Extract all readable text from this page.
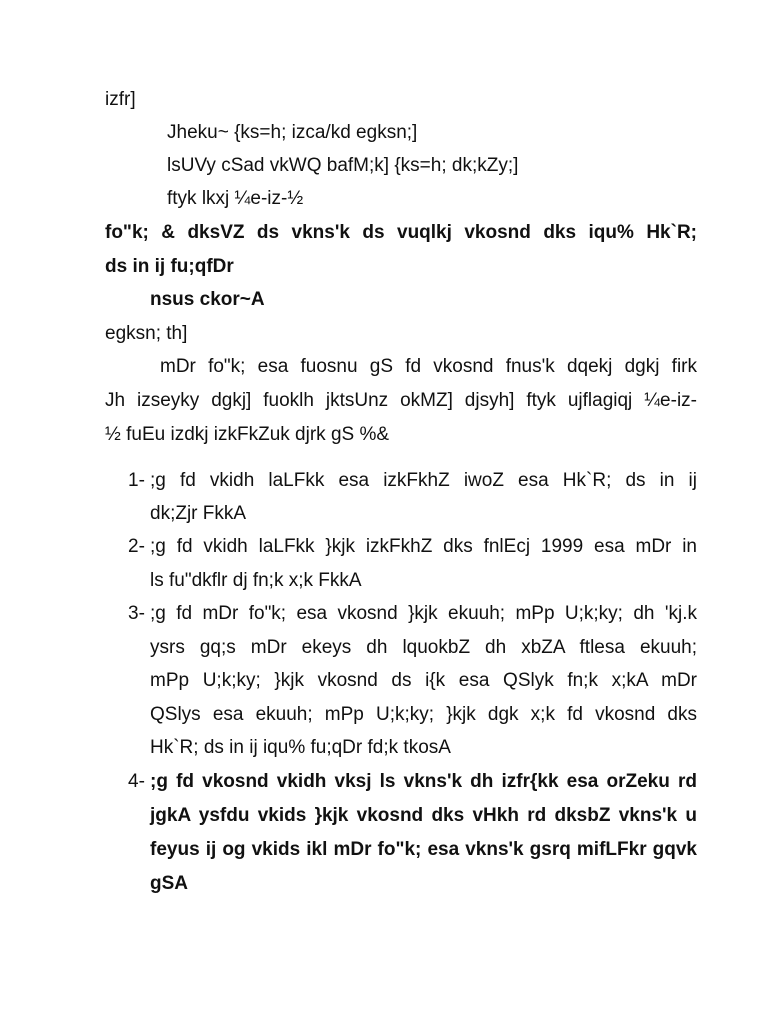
izfr]
Jheku~ {ks=h; izca/kd egksn;]
lsUVy cSad vkWQ bafM;k] {ks=h; dk;kZy;]
ftyk lkxj ¼e-iz-½
fo"k; & dksVZ ds vkns'k ds vuqlkj vkosnd dks iqu% Hk`R;
ds in ij fu;qfDr
nsus ckor~A
egksn; th]
mDr fo"k; esa fuosnu gS fd vkosnd fnus'k dqekj dgkj firk
Jh izseyky dgkj] fuoklh jktsUnz okMZ] djsyh] ftyk ujflagiqj ¼e-iz-
½ fuEu izdkj izkFkZuk djrk gS %&
1- ;g fd vkidh laLFkk esa izkFkhZ iwoZ esa Hk`R; ds in ij
dk;Zjr FkkA
2- ;g fd vkidh laLFkk }kjk izkFkhZ dks fnlEcj 1999 esa mDr in
ls fu"dkflr dj fn;k x;k FkkA
3- ;g fd mDr fo"k; esa vkosnd }kjk ekuuh; mPp U;k;ky; dh 'kj.k
ysrs gq;s mDr ekeys dh lquokbZ dh xbZA ftlesa ekuuh;
mPp U;k;ky; }kjk vkosnd ds i{k esa QSlyk fn;k x;kA mDr
QSlys esa ekuuh; mPp U;k;ky; }kjk dgk x;k fd vkosnd dks
Hk`R; ds in ij iqu% fu;qDr fd;k tkosA
4- ;g fd vkosnd vkidh vksj ls vkns'k dh izfr{kk esa orZeku rd
jgkA ysfdu vkids }kjk vkosnd dks vHkh rd dksbZ vkns'k u
feyus ij og vkids ikl mDr fo"k; esa vkns'k gsrq mifLFkr gqvk
gSA
